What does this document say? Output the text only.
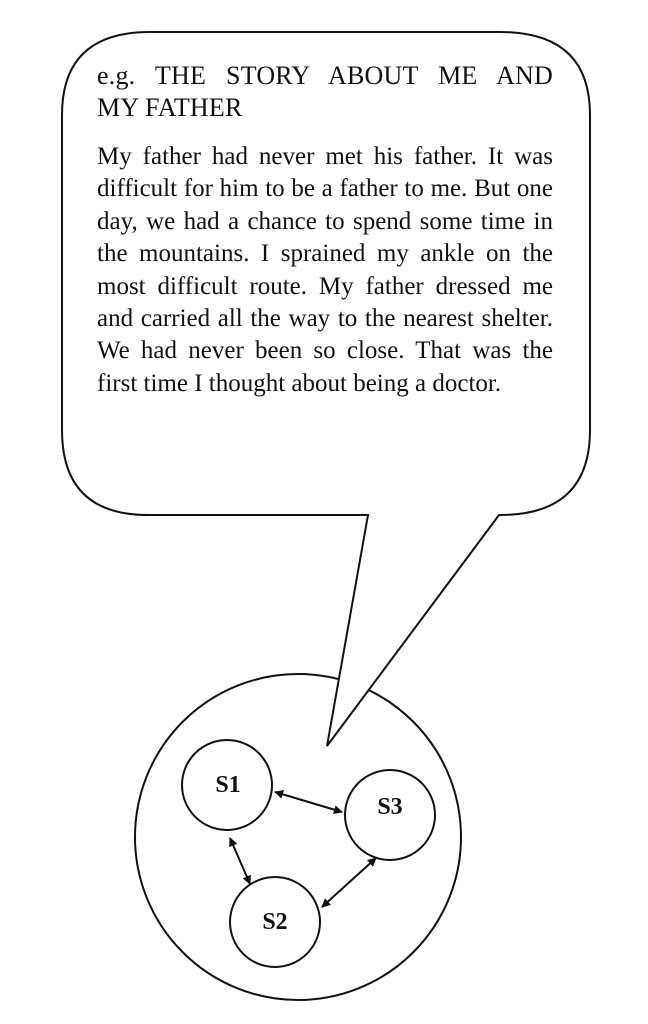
e.g. THE STORY ABOUT ME AND
MY FATHER
My father had never met his father. It was difficult for him to be a father to me. But one day, we had a chance to spend some time in the mountains. I sprained my ankle on the most difficult route. My father dressed me and carried all the way to the nearest shelter. We had never been so close. That was the first time I thought about being a doctor.
S1
S3
S2
